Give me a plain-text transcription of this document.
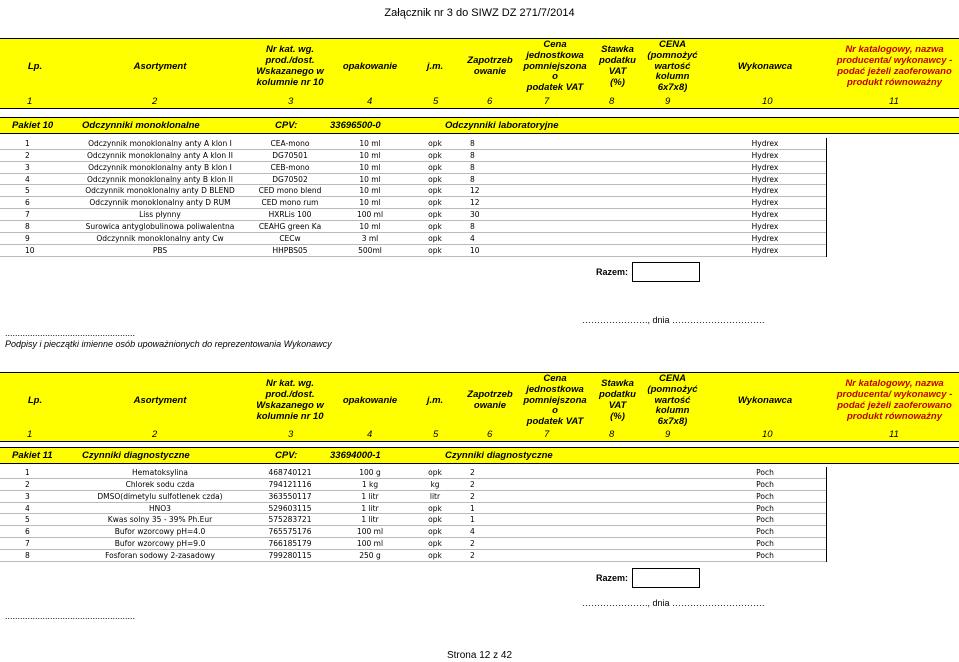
Załącznik nr 3 do SIWZ DZ 271/7/2014
Lp.	Asortyment
Nr kat. wg.
prod./dost.
Wskazanego w
kolumnie nr 10
opakowanie	j.m.	Zapotrzeb
owanie
Cena
jednostkowa
pomniejszona o
podatek VAT
Stawka
podatku VAT
(%)
CENA
(pomnożyć
wartość
kolumn
6x7x8)
Wykonawca
Nr katalogowy, nazwa
producenta/ wykonawcy -
podać jeżeli zaoferowano
produkt równoważny
1	2	3	4	5	6	7	8	9	10	11
Pakiet 10	Odczynniki monoklonalne	CPV:	33696500-0	Odczynniki laboratoryjne
1	Odczynnik monoklonalny anty A klon I	CEA-mono	10 ml	opk	8	Hydrex
2	Odczynnik monoklonalny anty A klon II	DG70501	10 ml	opk	8	Hydrex
3	Odczynnik monoklonalny anty B klon I	CEB-mono	10 ml	opk	8	Hydrex
4	Odczynnik monoklonalny anty B klon II	DG70502	10 ml	opk	8	Hydrex
5	Odczynnik monoklonalny anty D BLEND	CED mono blend	10 ml	opk	12	Hydrex
6	Odczynnik monoklonalny anty D RUM	CED mono rum	10 ml	opk	12	Hydrex
7	Liss płynny	HXRLis 100	100 ml	opk	30	Hydrex
8	Surowica antyglobulinowa poliwalentna	CEAHG green Ka	10 ml	opk	8	Hydrex
9	Odczynnik monoklonalny anty Cw	CECw	3 ml	opk	4	Hydrex
10	PBS	HHPBS05	500ml	opk	10	Hydrex
Razem:
…………………., dnia ………………………….
....................................................
Podpisy i pieczątki imienne osób upoważnionych do reprezentowania Wykonawcy
Lp.	Asortyment
Nr kat. wg.
prod./dost.
Wskazanego w
kolumnie nr 10
opakowanie	j.m.	Zapotrzeb
owanie
Cena
jednostkowa
pomniejszona o
podatek VAT
Stawka
podatku VAT
(%)
CENA
(pomnożyć
wartość
kolumn
6x7x8)
Wykonawca
Nr katalogowy, nazwa
producenta/ wykonawcy -
podać jeżeli zaoferowano
produkt równoważny
1	2	3	4	5	6	7	8	9	10	11
Pakiet 11	Czynniki diagnostyczne	CPV:	33694000-1	Czynniki diagnostyczne
1	Hematoksylina	468740121	100 g	opk	2	Poch
2	Chlorek sodu czda	794121116	1 kg	kg	2	Poch
3	DMSO(dimetylu sulfotlenek czda)	363550117	1 litr	litr	2	Poch
4	HNO3	529603115	1 litr	opk	1	Poch
5	Kwas solny 35 - 39% Ph.Eur	575283721	1 litr	opk	1	Poch
6	Bufor wzorcowy pH=4.0	765575176	100 ml	opk	4	Poch
7	Bufor wzorcowy pH=9.0	766185179	100 ml	opk	2	Poch
8	Fosforan sodowy 2-zasadowy	799280115	250 g	opk	2	Poch
Razem:
…………………., dnia ………………………….
....................................................
Strona 12 z 42
